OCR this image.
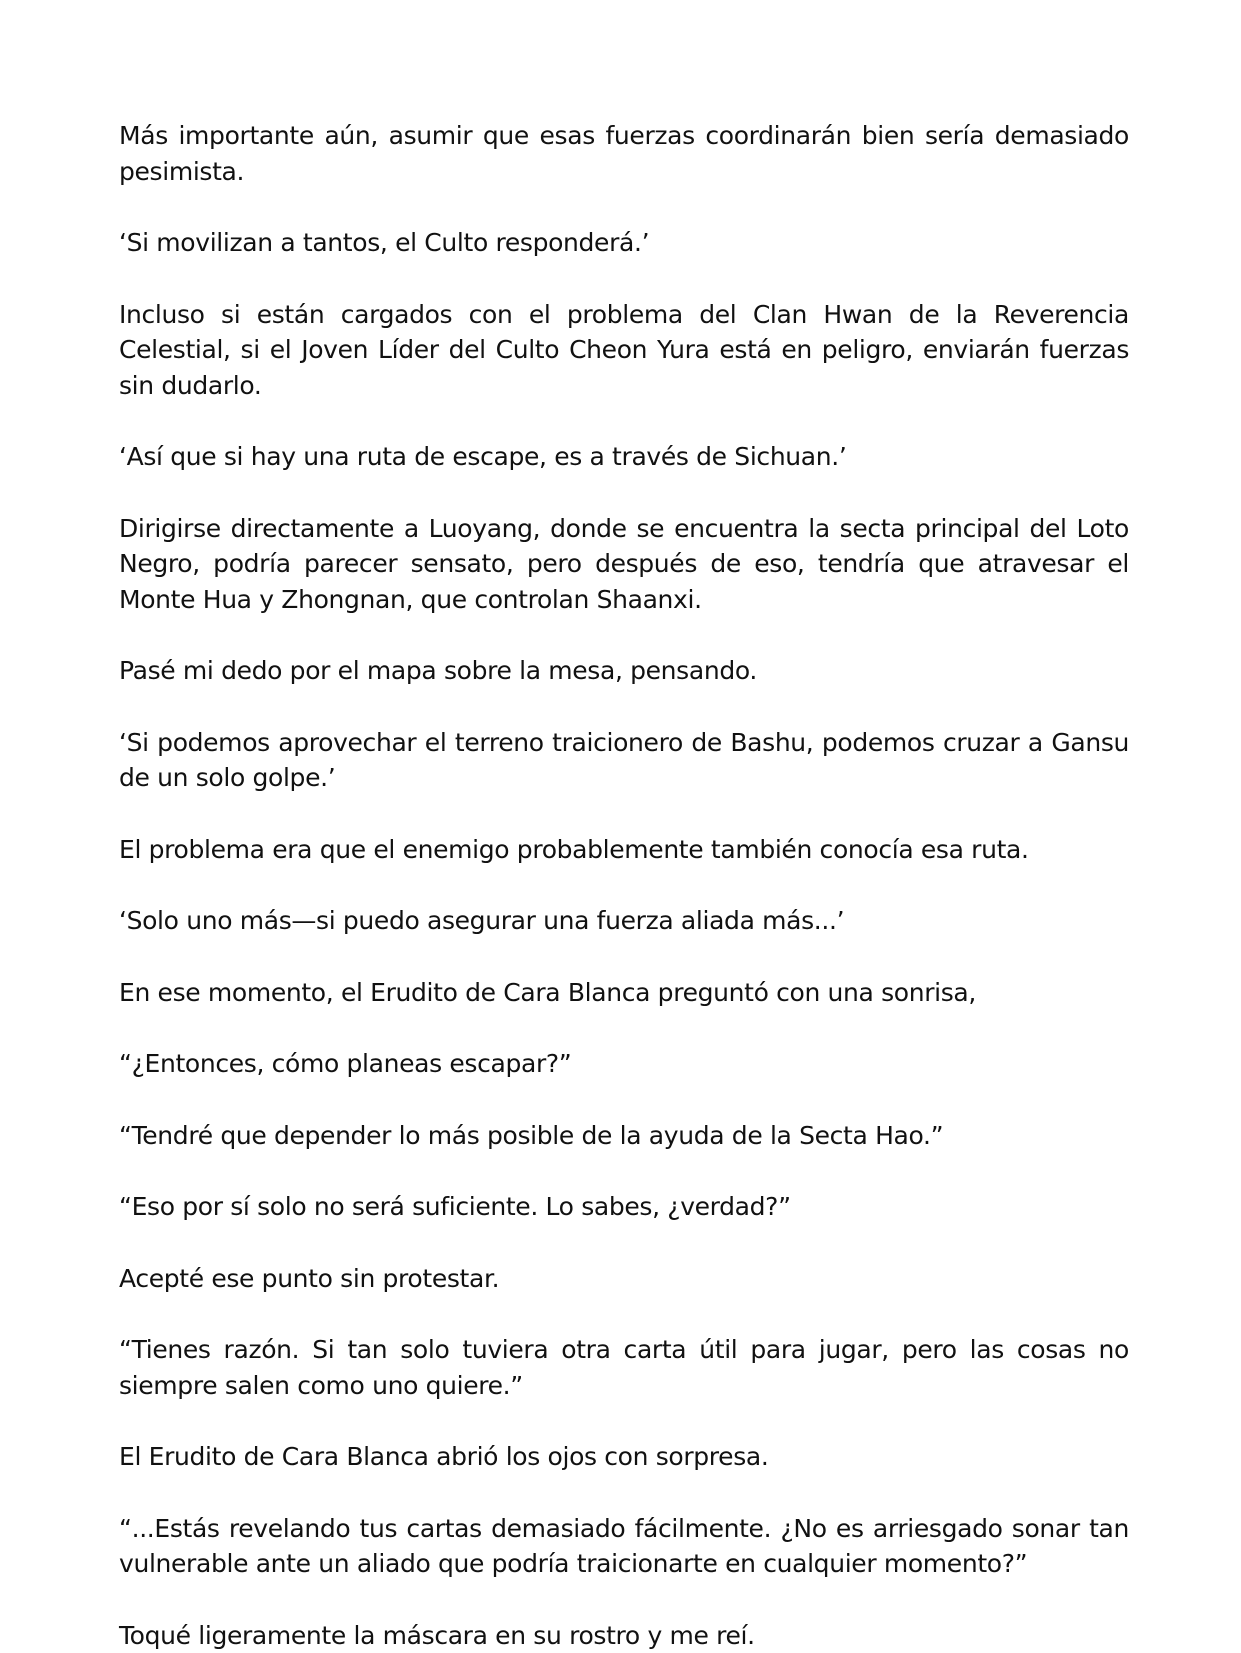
Más importante aún, asumir que esas fuerzas coordinarán bien sería demasiado pesimista.

‘Si movilizan a tantos, el Culto responderá.’

Incluso si están cargados con el problema del Clan Hwan de la Reverencia Celestial, si el Joven Líder del Culto Cheon Yura está en peligro, enviarán fuerzas sin dudarlo.

‘Así que si hay una ruta de escape, es a través de Sichuan.’

Dirigirse directamente a Luoyang, donde se encuentra la secta principal del Loto Negro, podría parecer sensato, pero después de eso, tendría que atravesar el Monte Hua y Zhongnan, que controlan Shaanxi.

Pasé mi dedo por el mapa sobre la mesa, pensando.

‘Si podemos aprovechar el terreno traicionero de Bashu, podemos cruzar a Gansu de un solo golpe.’

El problema era que el enemigo probablemente también conocía esa ruta.

‘Solo uno más—si puedo asegurar una fuerza aliada más...’

En ese momento, el Erudito de Cara Blanca preguntó con una sonrisa,

“¿Entonces, cómo planeas escapar?”

“Tendré que depender lo más posible de la ayuda de la Secta Hao.”

“Eso por sí solo no será suficiente. Lo sabes, ¿verdad?”

Acepté ese punto sin protestar.

“Tienes razón. Si tan solo tuviera otra carta útil para jugar, pero las cosas no siempre salen como uno quiere.”

El Erudito de Cara Blanca abrió los ojos con sorpresa.

“...Estás revelando tus cartas demasiado fácilmente. ¿No es arriesgado sonar tan vulnerable ante un aliado que podría traicionarte en cualquier momento?”

Toqué ligeramente la máscara en su rostro y me reí.
